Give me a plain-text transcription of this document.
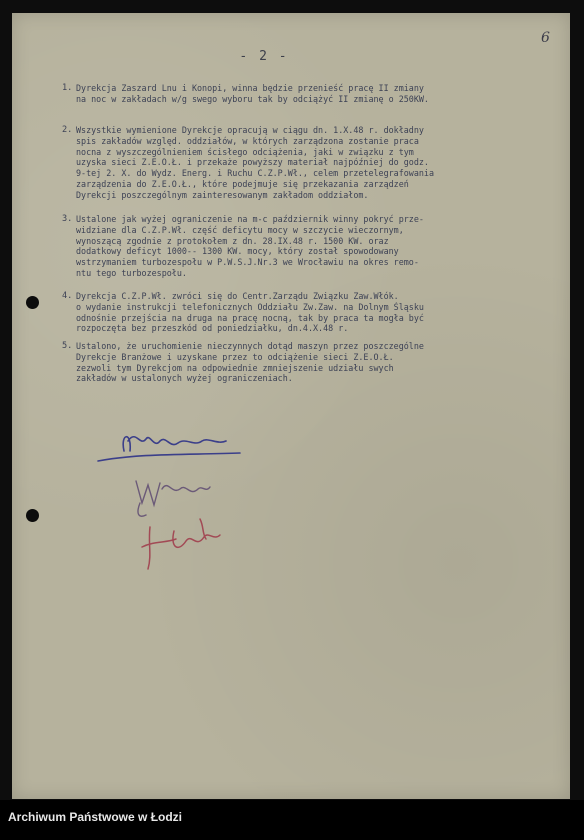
- 2 -
6
1. Dyrekcja Zaszard Lnu i Konopi, winna będzie przenieść pracę II zmiany
na noc w zakładach w/g swego wyboru tak by odciążyć II zmianę o 250KW.
2. Wszystkie wymienione Dyrekcje opracują w ciągu dn. 1.X.48 r. dokładny
spis zakładów względ. oddziałów, w których zarządzona zostanie praca
nocna z wyszczególnieniem ścisłego odciążenia, jaki w związku z tym
uzyska sieci Z.E.O.Ł. i przekaże powyższy materiał najpóźniej do godz.
9-tej 2. X. do Wydz. Energ. i Ruchu C.Z.P.Wł., celem przetelegrafowania
zarządzenia do Z.E.O.Ł., które podejmuje się przekazania zarządzeń
Dyrekcji poszczególnym zainteresowanym zakładom oddziałom.
3. Ustalone jak wyżej ograniczenie na m-c październik winny pokryć prze-
widziane dla C.Z.P.Wł. część deficytu mocy w szczycie wieczornym,
wynoszącą zgodnie z protokołem z dn. 28.IX.48 r. 1500 KW. oraz
dodatkowy deficyt 1000-- 1300 KW. mocy, który został spowodowany
wstrzymaniem turbozespołu w P.W.S.J.Nr.3 we Wrocławiu na okres remo-
ntu tego turbozespołu.
4. Dyrekcja C.Z.P.Wł. zwróci się do Centr.Zarządu Związku Zaw.Włók.
o wydanie instrukcji telefonicznych Oddziału Zw.Zaw. na Dolnym Śląsku
odnośnie przejścia na druga na pracę nocną, tak by praca ta mogła być
rozpoczęta bez przeszkód od poniedziałku, dn.4.X.48 r.
5. Ustalono, że uruchomienie nieczynnych dotąd maszyn przez poszczególne
Dyrekcje Branżowe i uzyskane przez to odciążenie sieci Z.E.O.Ł.
zezwoli tym Dyrekcjom na odpowiednie zmniejszenie udziału swych
zakładów w ustalonych wyżej ograniczeniach.
Archiwum Państwowe w Łodzi
